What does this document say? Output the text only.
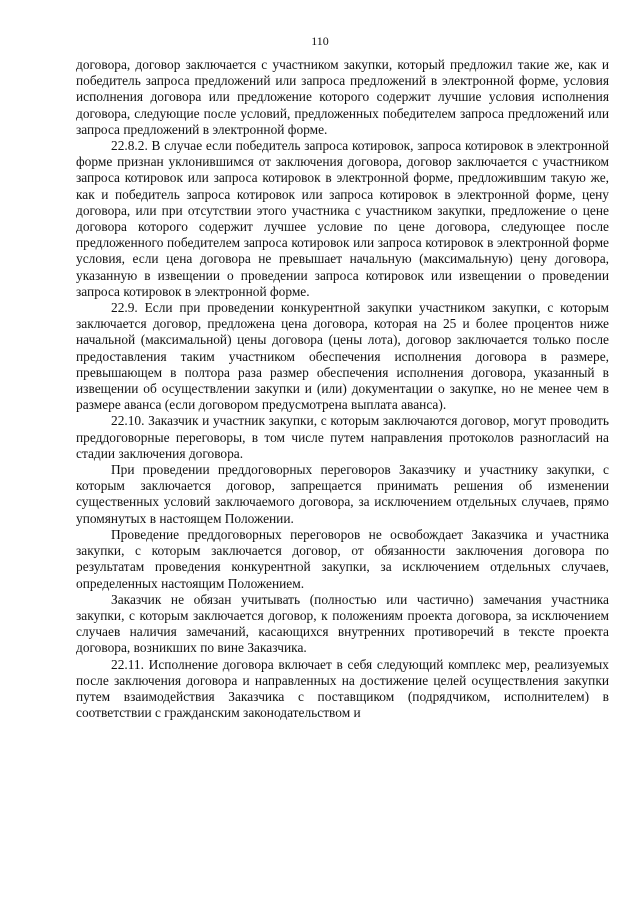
110

договора, договор заключается с участником закупки, который предложил такие же, как и победитель запроса предложений или запроса предложений в электронной форме, условия исполнения договора или предложение которого содержит лучшие условия исполнения договора, следующие после условий, предложенных победителем запроса предложений или запроса предложений в электронной форме.

22.8.2. В случае если победитель запроса котировок, запроса котировок в электронной форме признан уклонившимся от заключения договора, договор заключается с участником запроса котировок или запроса котировок в электронной форме, предложившим такую же, как и победитель запроса котировок или запроса котировок в электронной форме, цену договора, или при отсутствии этого участника с участником закупки, предложение о цене договора которого содержит лучшее условие по цене договора, следующее после предложенного победителем запроса котировок или запроса котировок в электронной форме условия, если цена договора не превышает начальную (максимальную) цену договора, указанную в извещении о проведении запроса котировок или извещении о проведении запроса котировок в электронной форме.

22.9. Если при проведении конкурентной закупки участником закупки, с которым заключается договор, предложена цена договора, которая на 25 и более процентов ниже начальной (максимальной) цены договора (цены лота), договор заключается только после предоставления таким участником обеспечения исполнения договора в размере, превышающем в полтора раза размер обеспечения исполнения договора, указанный в извещении об осуществлении закупки и (или) документации о закупке, но не менее чем в размере аванса (если договором предусмотрена выплата аванса).

22.10. Заказчик и участник закупки, с которым заключаются договор, могут проводить преддоговорные переговоры, в том числе путем направления протоколов разногласий на стадии заключения договора.

При проведении преддоговорных переговоров Заказчику и участнику закупки, с которым заключается договор, запрещается принимать решения об изменении существенных условий заключаемого договора, за исключением отдельных случаев, прямо упомянутых в настоящем Положении.

Проведение преддоговорных переговоров не освобождает Заказчика и участника закупки, с которым заключается договор, от обязанности заключения договора по результатам проведения конкурентной закупки, за исключением отдельных случаев, определенных настоящим Положением.

Заказчик не обязан учитывать (полностью или частично) замечания участника закупки, с которым заключается договор, к положениям проекта договора, за исключением случаев наличия замечаний, касающихся внутренних противоречий в тексте проекта договора, возникших по вине Заказчика.

22.11. Исполнение договора включает в себя следующий комплекс мер, реализуемых после заключения договора и направленных на достижение целей осуществления закупки путем взаимодействия Заказчика с поставщиком (подрядчиком, исполнителем) в соответствии с гражданским законодательством и
